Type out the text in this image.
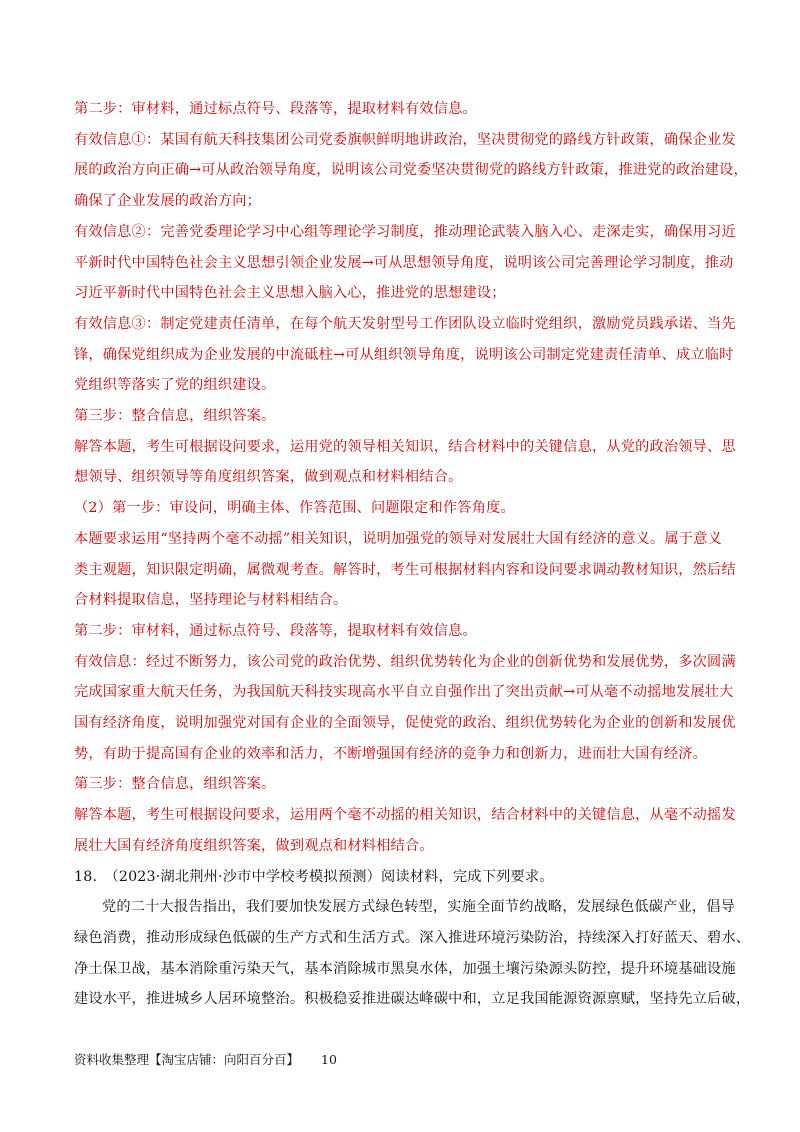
第二步：审材料，通过标点符号、段落等，提取材料有效信息。
有效信息①：某国有航天科技集团公司党委旗帜鲜明地讲政治，坚决贯彻党的路线方针政策，确保企业发
展的政治方向正确→可从政治领导角度，说明该公司党委坚决贯彻党的路线方针政策，推进党的政治建设，
确保了企业发展的政治方向；
有效信息②：完善党委理论学习中心组等理论学习制度，推动理论武装入脑入心、走深走实，确保用习近
平新时代中国特色社会主义思想引领企业发展→可从思想领导角度，说明该公司完善理论学习制度，推动
习近平新时代中国特色社会主义思想入脑入心，推进党的思想建设；
有效信息③：制定党建责任清单，在每个航天发射型号工作团队设立临时党组织，激励党员践承诺、当先
锋，确保党组织成为企业发展的中流砥柱→可从组织领导角度，说明该公司制定党建责任清单、成立临时
党组织等落实了党的组织建设。
第三步：整合信息，组织答案。
解答本题，考生可根据设问要求，运用党的领导相关知识，结合材料中的关键信息，从党的政治领导、思
想领导、组织领导等角度组织答案，做到观点和材料相结合。
（2）第一步：审设问，明确主体、作答范围、问题限定和作答角度。
本题要求运用“坚持两个毫不动摇”相关知识，说明加强党的领导对发展壮大国有经济的意义。属于意义
类主观题，知识限定明确，属微观考查。解答时，考生可根据材料内容和设问要求调动教材知识，然后结
合材料提取信息，坚持理论与材料相结合。
第二步：审材料，通过标点符号、段落等，提取材料有效信息。
有效信息：经过不断努力，该公司党的政治优势、组织优势转化为企业的创新优势和发展优势，多次圆满
完成国家重大航天任务，为我国航天科技实现高水平自立自强作出了突出贡献→可从毫不动摇地发展壮大
国有经济角度，说明加强党对国有企业的全面领导，促使党的政治、组织优势转化为企业的创新和发展优
势，有助于提高国有企业的效率和活力，不断增强国有经济的竞争力和创新力，进而壮大国有经济。
第三步：整合信息，组织答案。
解答本题，考生可根据设问要求，运用两个毫不动摇的相关知识，结合材料中的关键信息，从毫不动摇发
展壮大国有经济角度组织答案，做到观点和材料相结合。
18.　（2023·湖北荆州·沙市中学校考模拟预测）阅读材料，完成下列要求。
党的二十大报告指出，我们要加快发展方式绿色转型，实施全面节约战略，发展绿色低碳产业，倡导
绿色消费，推动形成绿色低碳的生产方式和生活方式。深入推进环境污染防治，持续深入打好蓝天、碧水、
净土保卫战，基本消除重污染天气，基本消除城市黑臭水体，加强土壤污染源头防控，提升环境基础设施
建设水平，推进城乡人居环境整治。积极稳妥推进碳达峰碳中和，立足我国能源资源禀赋，坚持先立后破，
资料收集整理【淘宝店铺：向阳百分百】 10
